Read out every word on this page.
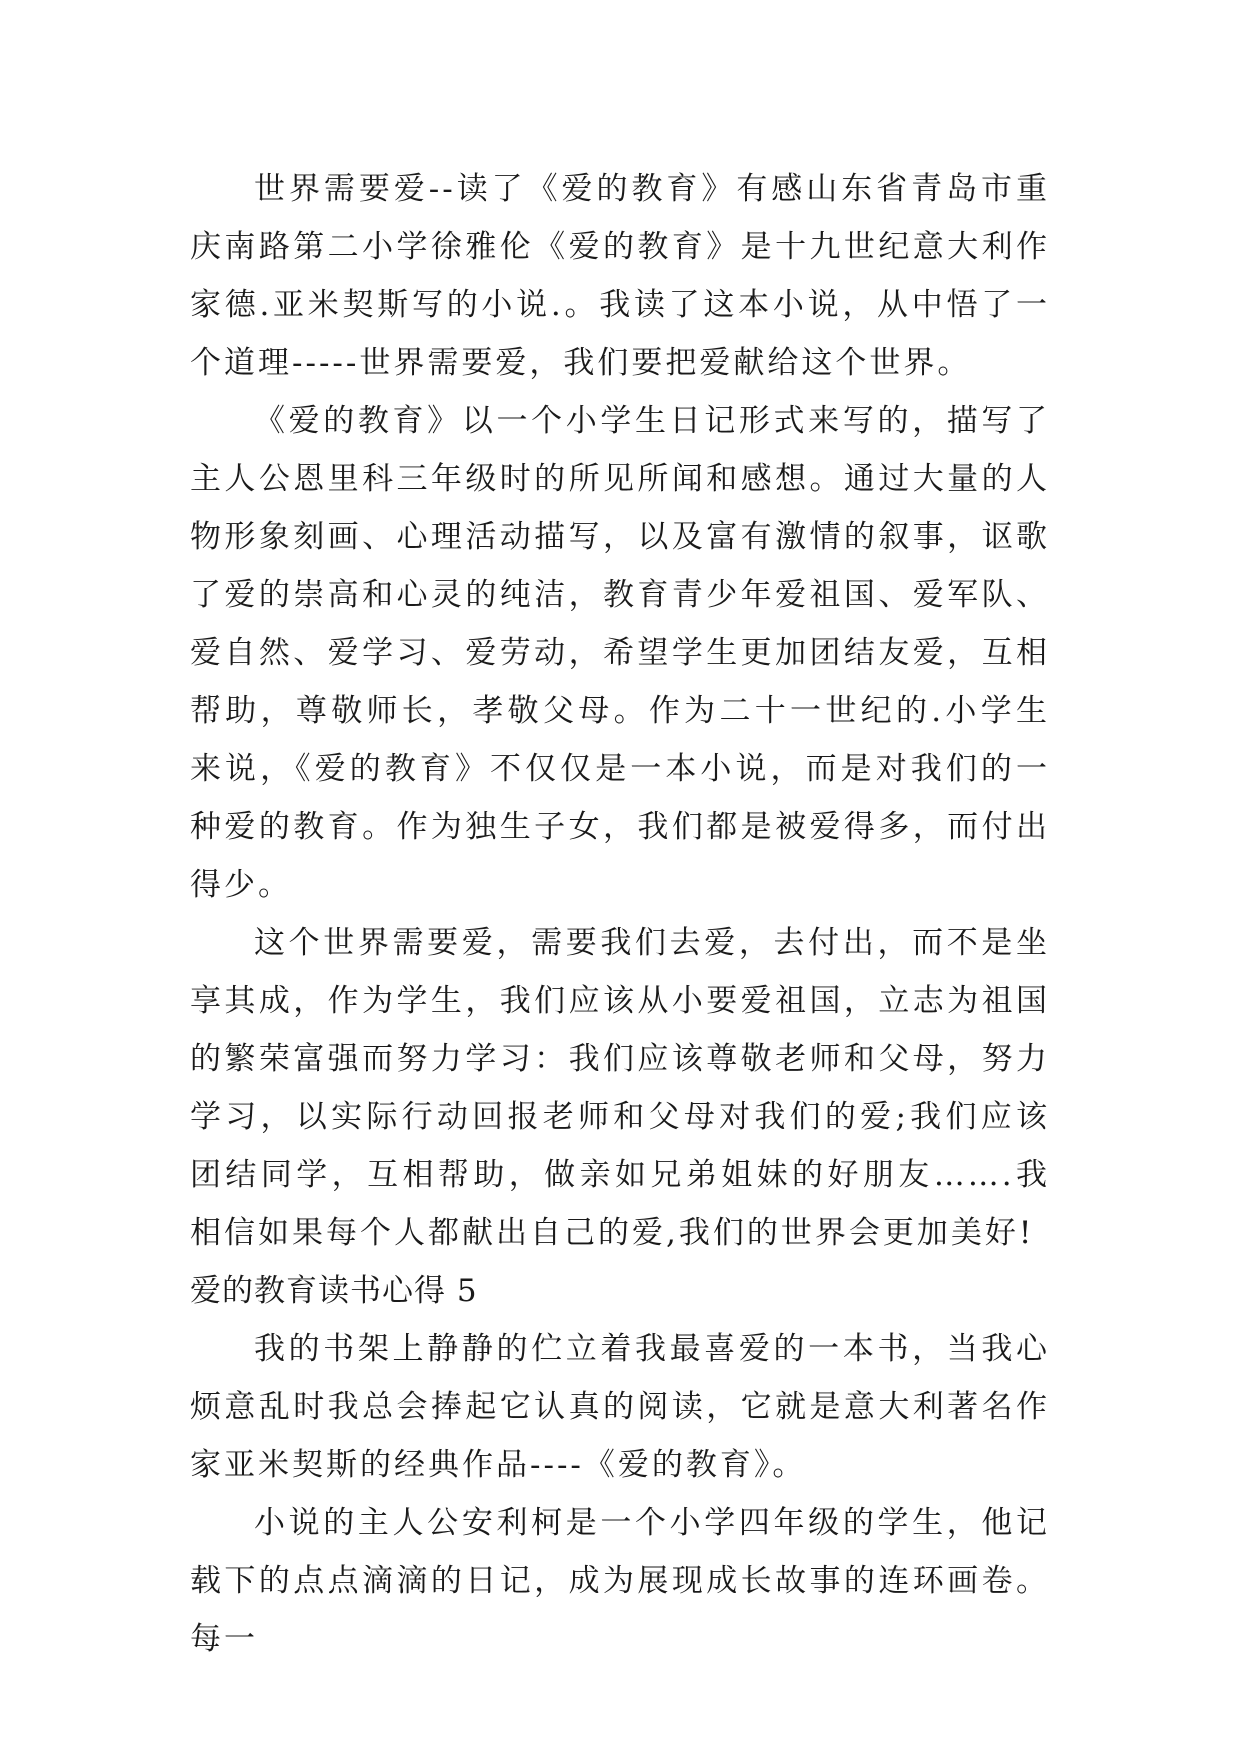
世界需要爱--读了《爱的教育》有感山东省青岛市重庆南路第二小学徐雅伦《爱的教育》是十九世纪意大利作家德.亚米契斯写的小说.。我读了这本小说，从中悟了一个道理-----世界需要爱，我们要把爱献给这个世界。

《爱的教育》以一个小学生日记形式来写的，描写了主人公恩里科三年级时的所见所闻和感想。通过大量的人物形象刻画、心理活动描写，以及富有激情的叙事，讴歌了爱的崇高和心灵的纯洁，教育青少年爱祖国、爱军队、爱自然、爱学习、爱劳动，希望学生更加团结友爱，互相帮助，尊敬师长，孝敬父母。作为二十一世纪的.小学生来说，《爱的教育》不仅仅是一本小说，而是对我们的一种爱的教育。作为独生子女，我们都是被爱得多，而付出得少。

这个世界需要爱，需要我们去爱，去付出，而不是坐享其成，作为学生，我们应该从小要爱祖国，立志为祖国的繁荣富强而努力学习：我们应该尊敬老师和父母，努力学习，以实际行动回报老师和父母对我们的爱;我们应该团结同学，互相帮助，做亲如兄弟姐妹的好朋友…….我相信如果每个人都献出自己的爱,我们的世界会更加美好!

爱的教育读书心得 5

我的书架上静静的伫立着我最喜爱的一本书，当我心烦意乱时我总会捧起它认真的阅读，它就是意大利著名作家亚米契斯的经典作品----《爱的教育》。

小说的主人公安利柯是一个小学四年级的学生，他记载下的点点滴滴的日记，成为展现成长故事的连环画卷。每一
